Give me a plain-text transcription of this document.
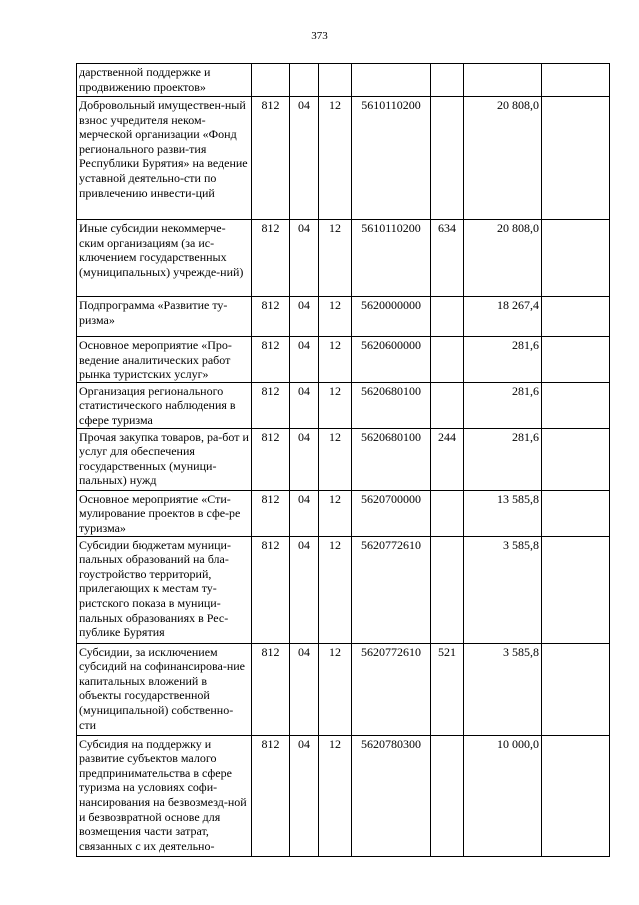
373
дарственной поддержке и продвижению проектов»							
Добровольный имуществен-ный взнос учредителя неком-мерческой организации «Фонд регионального разви-тия Республики Бурятия» на ведение уставной деятельно-сти по привлечению инвести-ций	812	04	12	5610110200		20 808,0	
Иные субсидии некоммерче-ским организациям (за ис-ключением государственных (муниципальных) учрежде-ний)	812	04	12	5610110200	634	20 808,0	
Подпрограмма «Развитие ту-ризма»	812	04	12	5620000000		18 267,4	
Основное мероприятие «Про-ведение аналитических работ рынка туристских услуг»	812	04	12	5620600000		281,6	
Организация регионального статистического наблюдения в сфере туризма	812	04	12	5620680100		281,6	
Прочая закупка товаров, ра-бот и услуг для обеспечения государственных (муници-пальных) нужд	812	04	12	5620680100	244	281,6	
Основное мероприятие «Сти-мулирование проектов в сфе-ре туризма»	812	04	12	5620700000		13 585,8	
Субсидии бюджетам муници-пальных образований на бла-гоустройство территорий, прилегающих к местам ту-ристского показа в муници-пальных образованиях в Рес-публике Бурятия	812	04	12	5620772610		3 585,8	
Субсидии, за исключением субсидий на софинансирова-ние капитальных вложений в объекты государственной (муниципальной) собственно-сти	812	04	12	5620772610	521	3 585,8	
Субсидия на поддержку и развитие субъектов малого предпринимательства в сфере туризма на условиях софи-нансирования на безвозмезд-ной и безвозвратной основе для возмещения части затрат, связанных с их деятельно-	812	04	12	5620780300		10 000,0	
